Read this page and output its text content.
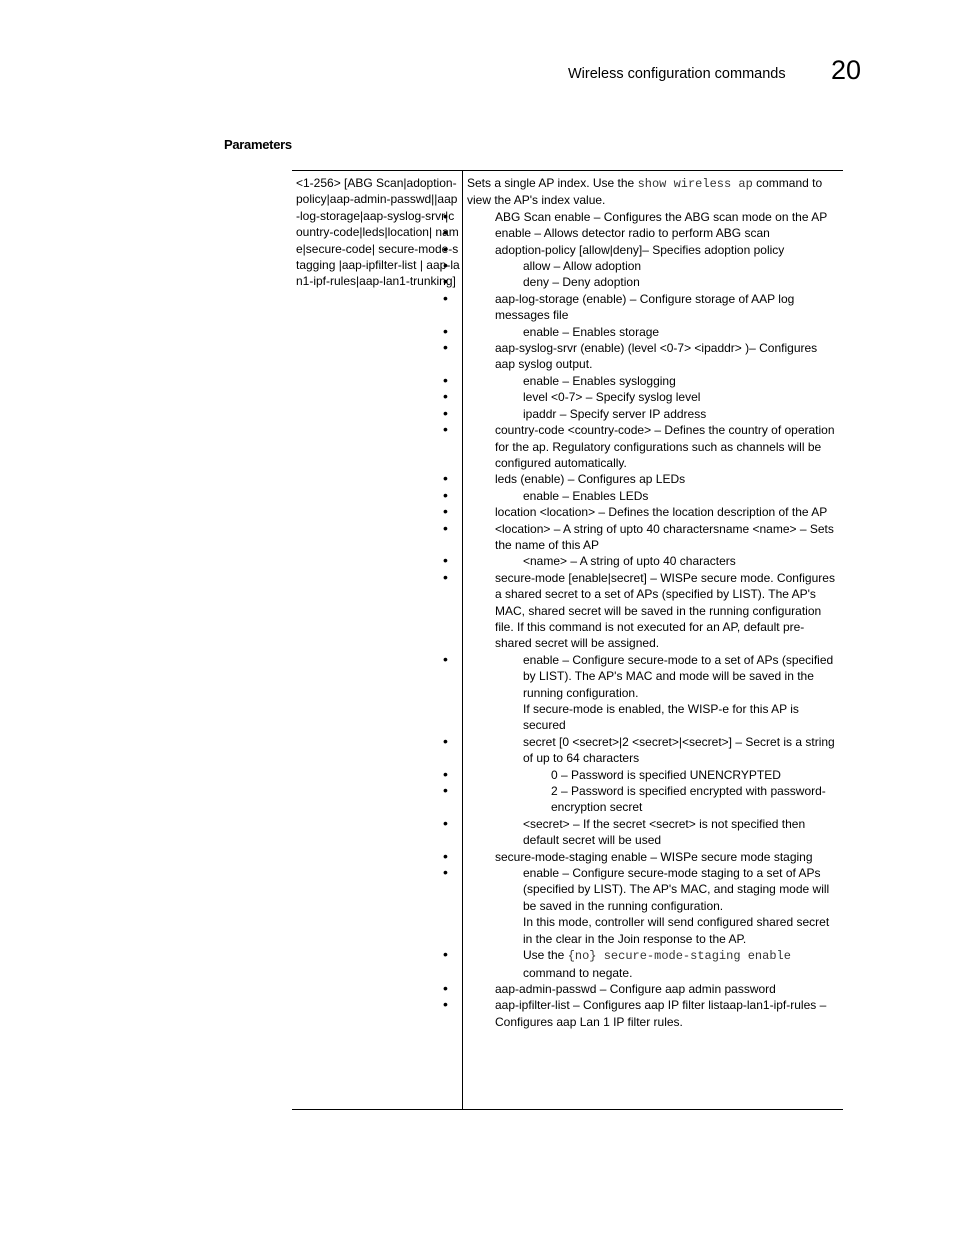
Wireless configuration commands 20
Parameters
<1-256> [ABG Scan|adoption-policy|aap-admin-passwd||aap-log-storage|aap-syslog-srvr|country-code|leds|location| name|secure-code| secure-mode-stagging |aap-ipfilter-list | aap-lan1-ipf-rules|aap-lan1-trunking]

Sets a single AP index. Use the show wireless ap command to view the AP's index value.

• ABG Scan enable – Configures the ABG scan mode on the AP

• enable – Allows detector radio to perform ABG scan

• adoption-policy [allow|deny]– Specifies adoption policy

• allow – Allow adoption

• deny – Deny adoption

• aap-log-storage (enable) – Configure storage of AAP log messages file

• enable – Enables storage

• aap-syslog-srvr (enable) (level <0-7> <ipaddr> )– Configures aap syslog output.

• enable – Enables syslogging

• level <0-7> – Specify syslog level

• ipaddr – Specify server IP address

• country-code <country-code> – Defines the country of operation for the ap. Regulatory configurations such as channels will be configured automatically.

• leds (enable) – Configures ap LEDs

• enable – Enables LEDs

• location <location> – Defines the location description of the AP

• <location> – A string of upto 40 charactersname <name> – Sets the name of this AP

• <name> – A string of upto 40 characters

• secure-mode [enable|secret] – WISPe secure mode. Configures a shared secret to a set of APs (specified by LIST). The AP's MAC, shared secret will be saved in the running configuration file. If this command is not executed for an AP, default pre-shared secret will be assigned.

• enable – Configure secure-mode to a set of APs (specified by LIST). The AP's MAC and mode will be saved in the running configuration.

If secure-mode is enabled, the WISP-e for this AP is secured

• secret [0 <secret>|2 <secret>|<secret>] – Secret is a string of up to 64 characters

• 0 – Password is specified UNENCRYPTED

• 2 – Password is specified encrypted with password-encryption secret

• <secret> – If the secret <secret> is not specified then default secret will be used

• secure-mode-staging enable – WISPe secure mode staging

• enable – Configure secure-mode staging to a set of APs (specified by LIST). The AP's MAC, and staging mode will be saved in the running configuration.

In this mode, controller will send configured shared secret in the clear in the Join response to the AP.

• Use the {no} secure-mode-staging enable command to negate.

• aap-admin-passwd – Configure aap admin password

• aap-ipfilter-list – Configures aap IP filter listaap-lan1-ipf-rules – Configures aap Lan 1 IP filter rules.
